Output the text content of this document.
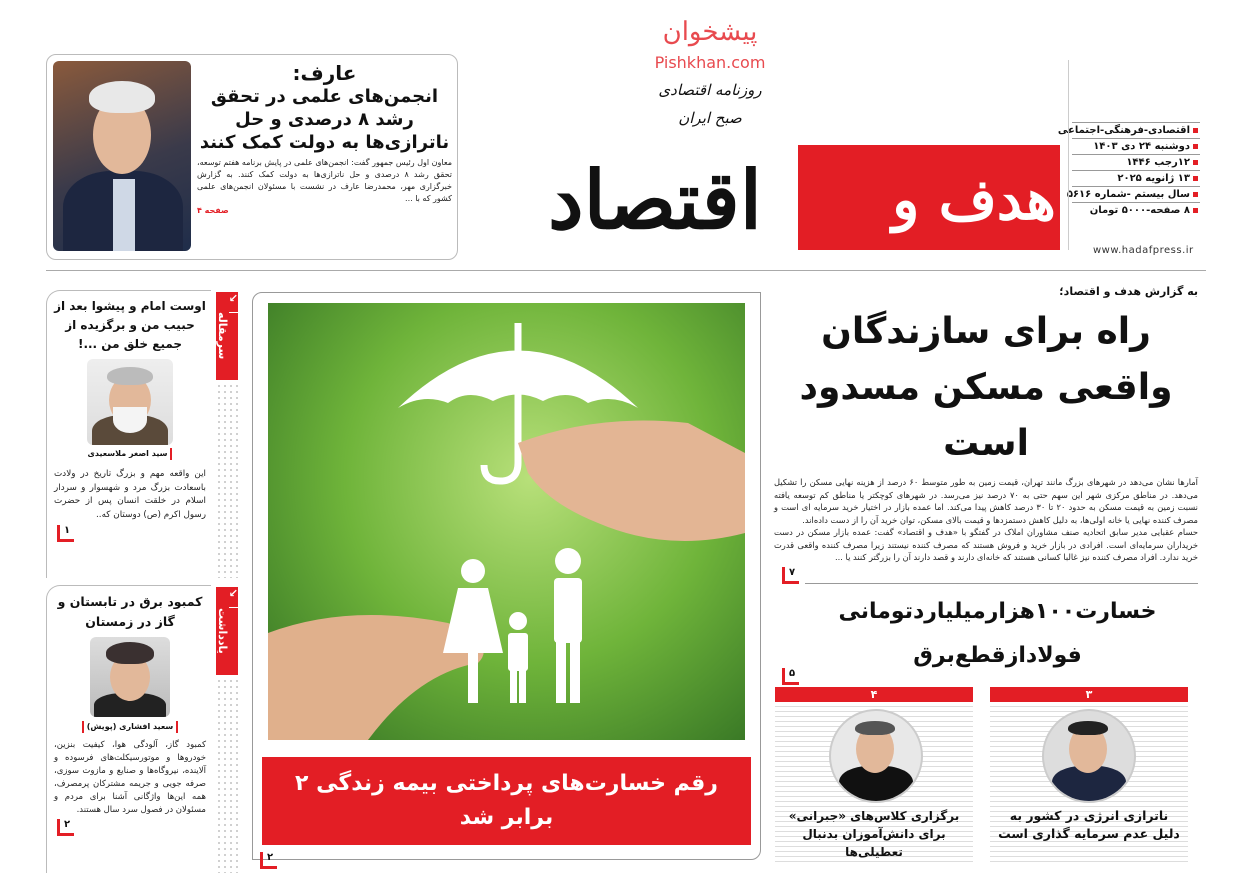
عارف:
انجمن‌های علمی در تحقق رشد ۸ درصدی و حل ناترازی‌ها به دولت کمک کنند
معاون اول رئیس جمهور گفت: انجمن‌های علمی در پایش برنامه هفتم توسعه، تحقق رشد ۸ درصدی و حل ناترازی‌ها به دولت کمک کنند. به گزارش خبرگزاری مهر، محمدرضا عارف در نشست با مسئولان انجمن‌های علمی کشور که با ...
صفحه ۴	هدف و
اقتصاد
پیشخوان
Pishkhan.com
روزنامه اقتصادی
صبح ایران
اقتصادی-فرهنگی-اجتماعی
دوشنبه ۲۴ دی ۱۴۰۳
۱۲رجب ۱۴۴۶
۱۳ ژانویه ۲۰۲۵
سال بیستم -شماره ۵۶۱۶
۸ صفحه-۵۰۰۰ تومان
www.hadafpress.ir
اوست امام و پیشوا بعد از حبیب من و برگزیده از جمیع خلق من ...!
سید اصغر ملاسعیدی
این واقعه مهم و بزرگ تاریخ در ولادت باسعادت بزرگ مرد و شهسوار و سردار اسلام در خلقت انسان پس از حضرت رسول اکرم (ص) دوستان که..
۱
↙
سرمقاله
کمبود برق در تابستان و گاز در زمستان
سعید افشاری (پویش)
کمبود گاز، آلودگی هوا، کیفیت بنزین، خودروها و موتورسیکلت‌های فرسوده و آلاینده، نیروگاه‌ها و صنایع و مازوت سوزی، صرفه جویی و جریمه مشترکان پرمصرف، همه این‌ها واژگانی آشنا برای مردم و مسئولان در فصول سرد سال هستند.
۲
↙
یادداشت
رقم خسارت‌های پرداختی بیمه زندگی ۲ برابر شد
۲
به گزارش هدف و اقتصاد؛
راه برای سازندگان
واقعی مسکن مسدود است
آمارها نشان می‌دهد در شهرهای بزرگ مانند تهران، قیمت زمین به طور متوسط ۶۰ درصد از هزینه نهایی مسکن را تشکیل می‌دهد. در مناطق مرکزی شهر این سهم حتی به ۷۰ درصد نیز می‌رسد. در شهرهای کوچکتر یا مناطق کم توسعه یافته نسبت زمین به قیمت مسکن به حدود ۲۰ تا ۳۰ درصد کاهش پیدا می‌کند. اما عمده بازار در اختیار خرید سرمایه ای است و مصرف کننده نهایی یا خانه اولی‌ها، به دلیل کاهش دستمزدها و قیمت بالای مسکن، توان خرید آن را از دست داده‌اند.
حسام عقبایی مدیر سابق اتحادیه صنف مشاوران املاک در گفتگو با «هدف و اقتصاد» گفت: عمده بازار مسکن در دست خریداران سرمایه‌ای است. افرادی در بازار خرید و فروش هستند که مصرف کننده نیستند زیرا مصرف کننده واقعی قدرت خرید ندارد. افراد مصرف کننده نیز غالبا کسانی هستند که خانه‌ای دارند و قصد دارند آن را بزرگتر کنند یا ...
۷
خسارت۱۰۰هزارمیلیاردتومانی
فولادازقطع‌برق
۵
۳
ناترازی انرژی در کشور به دلیل عدم سرمایه گذاری است
۴
برگزاری کلاس‌های «جبرانی» برای دانش‌آموزان بدنبال تعطیلی‌ها
